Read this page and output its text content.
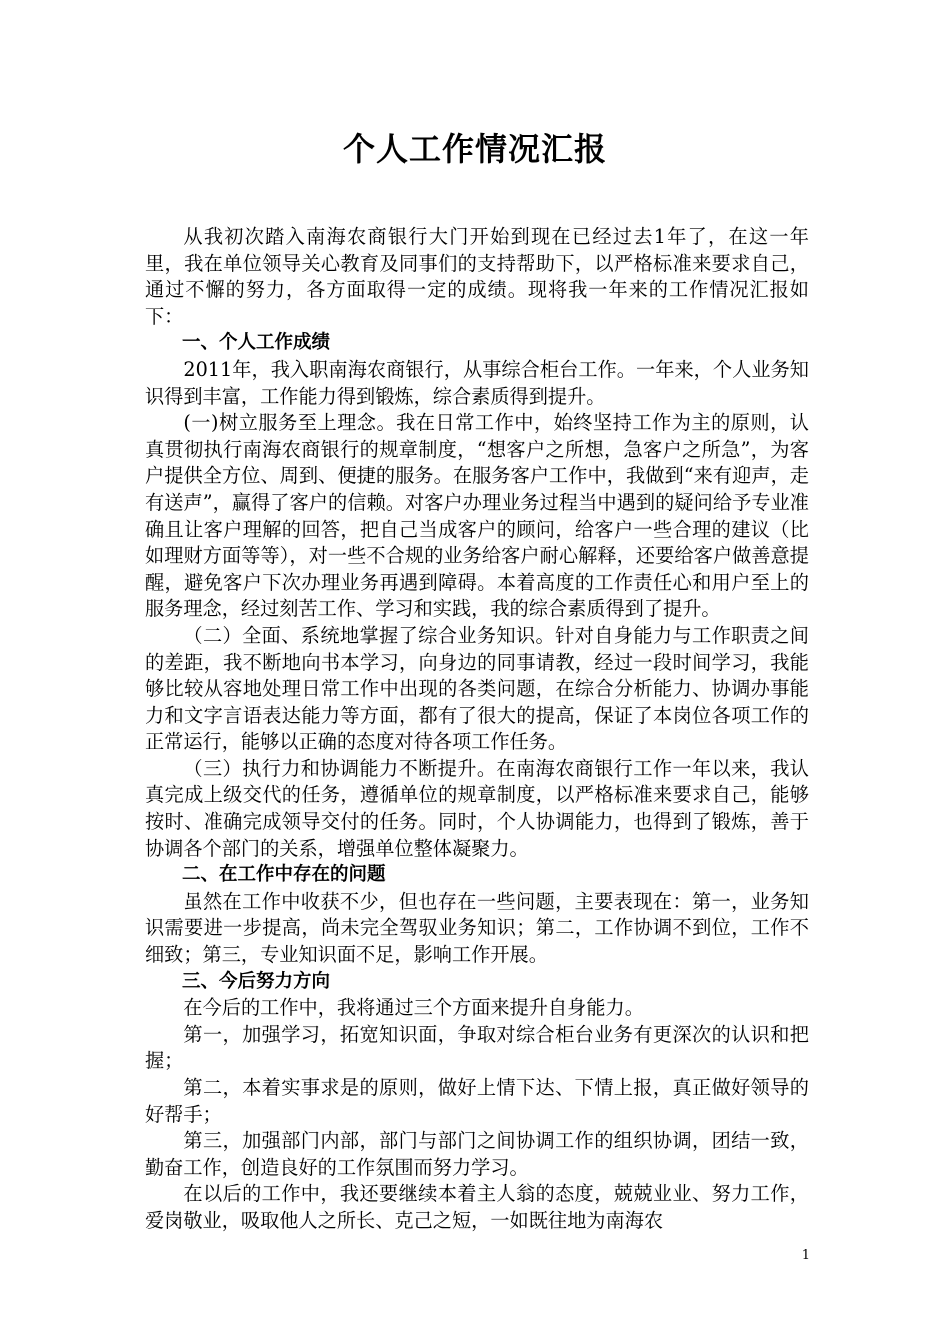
个人工作情况汇报

从我初次踏入南海农商银行大门开始到现在已经过去1年了，在这一年里，我在单位领导关心教育及同事们的支持帮助下，以严格标准来要求自己，通过不懈的努力，各方面取得一定的成绩。现将我一年来的工作情况汇报如下：

一、个人工作成绩

2011年，我入职南海农商银行，从事综合柜台工作。一年来，个人业务知识得到丰富，工作能力得到锻炼，综合素质得到提升。

(一)树立服务至上理念。我在日常工作中，始终坚持工作为主的原则，认真贯彻执行南海农商银行的规章制度，“想客户之所想，急客户之所急”，为客户提供全方位、周到、便捷的服务。在服务客户工作中，我做到“来有迎声，走有送声”，赢得了客户的信赖。对客户办理业务过程当中遇到的疑问给予专业准确且让客户理解的回答，把自己当成客户的顾问，给客户一些合理的建议（比如理财方面等等），对一些不合规的业务给客户耐心解释，还要给客户做善意提醒，避免客户下次办理业务再遇到障碍。本着高度的工作责任心和用户至上的服务理念，经过刻苦工作、学习和实践，我的综合素质得到了提升。

（二）全面、系统地掌握了综合业务知识。针对自身能力与工作职责之间的差距，我不断地向书本学习，向身边的同事请教，经过一段时间学习，我能够比较从容地处理日常工作中出现的各类问题，在综合分析能力、协调办事能力和文字言语表达能力等方面，都有了很大的提高，保证了本岗位各项工作的正常运行，能够以正确的态度对待各项工作任务。

（三）执行力和协调能力不断提升。在南海农商银行工作一年以来，我认真完成上级交代的任务，遵循单位的规章制度，以严格标准来要求自己，能够按时、准确完成领导交付的任务。同时，个人协调能力，也得到了锻炼，善于协调各个部门的关系，增强单位整体凝聚力。

二、在工作中存在的问题

虽然在工作中收获不少，但也存在一些问题，主要表现在：第一，业务知识需要进一步提高，尚未完全驾驭业务知识；第二，工作协调不到位，工作不细致；第三，专业知识面不足，影响工作开展。

三、今后努力方向

在今后的工作中，我将通过三个方面来提升自身能力。

第一，加强学习，拓宽知识面，争取对综合柜台业务有更深次的认识和把握；

第二，本着实事求是的原则，做好上情下达、下情上报，真正做好领导的好帮手；

第三，加强部门内部，部门与部门之间协调工作的组织协调，团结一致，勤奋工作，创造良好的工作氛围而努力学习。

在以后的工作中，我还要继续本着主人翁的态度，兢兢业业、努力工作，爱岗敬业，吸取他人之所长、克己之短，一如既往地为南海农

1
